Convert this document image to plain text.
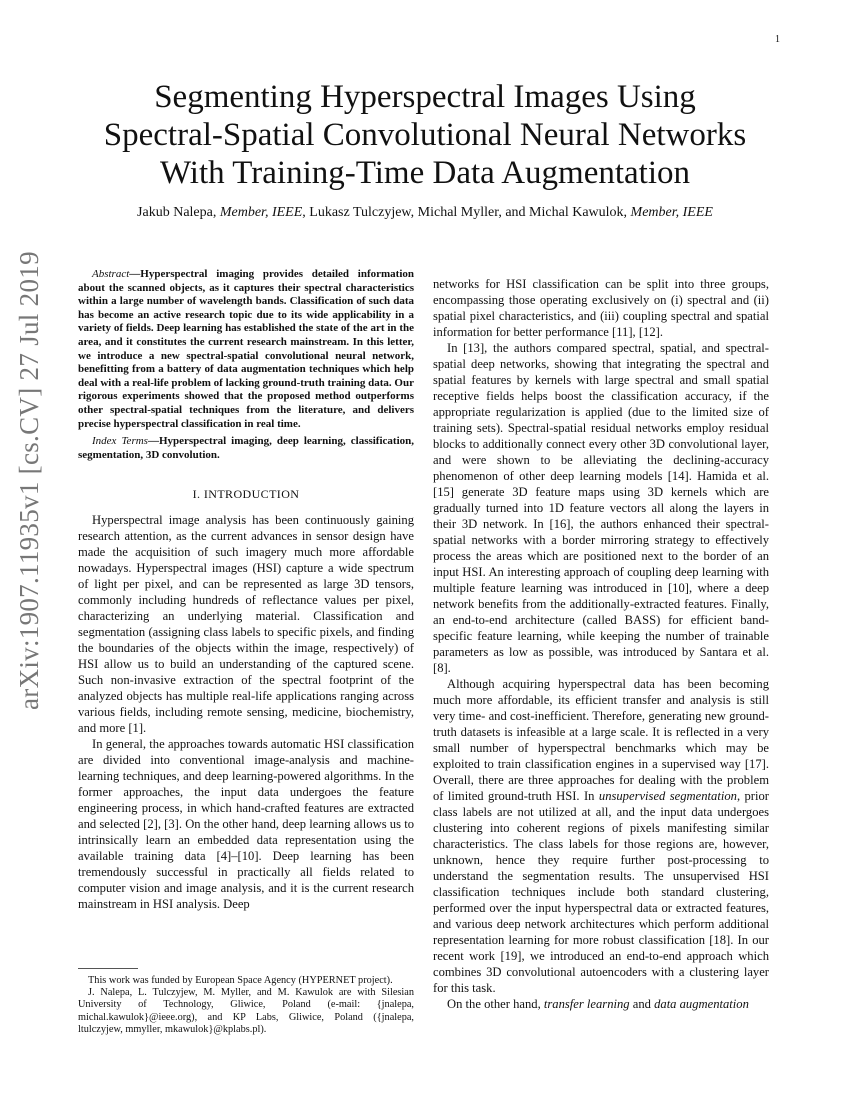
1
arXiv:1907.11935v1 [cs.CV] 27 Jul 2019
Segmenting Hyperspectral Images Using
Spectral-Spatial Convolutional Neural Networks
With Training-Time Data Augmentation
Jakub Nalepa, Member, IEEE, Lukasz Tulczyjew, Michal Myller, and Michal Kawulok, Member, IEEE

Abstract—Hyperspectral imaging provides detailed information about the scanned objects, as it captures their spectral characteristics within a large number of wavelength bands. Classification of such data has become an active research topic due to its wide applicability in a variety of fields. Deep learning has established the state of the art in the area, and it constitutes the current research mainstream. In this letter, we introduce a new spectral-spatial convolutional neural network, benefitting from a battery of data augmentation techniques which help deal with a real-life problem of lacking ground-truth training data. Our rigorous experiments showed that the proposed method outperforms other spectral-spatial techniques from the literature, and delivers precise hyperspectral classification in real time.

Index Terms—Hyperspectral imaging, deep learning, classification, segmentation, 3D convolution.

I. INTRODUCTION

Hyperspectral image analysis has been continuously gaining research attention, as the current advances in sensor design have made the acquisition of such imagery much more affordable nowadays. Hyperspectral images (HSI) capture a wide spectrum of light per pixel, and can be represented as large 3D tensors, commonly including hundreds of reflectance values per pixel, characterizing an underlying material. Classification and segmentation (assigning class labels to specific pixels, and finding the boundaries of the objects within the image, respectively) of HSI allow us to build an understanding of the captured scene. Such non-invasive extraction of the spectral footprint of the analyzed objects has multiple real-life applications ranging across various fields, including remote sensing, medicine, biochemistry, and more [1].

In general, the approaches towards automatic HSI classification are divided into conventional image-analysis and machine-learning techniques, and deep learning-powered algorithms. In the former approaches, the input data undergoes the feature engineering process, in which hand-crafted features are extracted and selected [2], [3]. On the other hand, deep learning allows us to intrinsically learn an embedded data representation using the available training data [4]–[10]. Deep learning has been tremendously successful in practically all fields related to computer vision and image analysis, and it is the current research mainstream in HSI analysis. Deep

This work was funded by European Space Agency (HYPERNET project).

J. Nalepa, L. Tulczyjew, M. Myller, and M. Kawulok are with Silesian University of Technology, Gliwice, Poland (e-mail: {jnalepa, michal.kawulok}@ieee.org), and KP Labs, Gliwice, Poland ({jnalepa, ltulczyjew, mmyller, mkawulok}@kplabs.pl).

networks for HSI classification can be split into three groups, encompassing those operating exclusively on (i) spectral and (ii) spatial pixel characteristics, and (iii) coupling spectral and spatial information for better performance [11], [12].

In [13], the authors compared spectral, spatial, and spectral-spatial deep networks, showing that integrating the spectral and spatial features by kernels with large spectral and small spatial receptive fields helps boost the classification accuracy, if the appropriate regularization is applied (due to the limited size of training sets). Spectral-spatial residual networks employ residual blocks to additionally connect every other 3D convolutional layer, and were shown to be alleviating the declining-accuracy phenomenon of other deep learning models [14]. Hamida et al. [15] generate 3D feature maps using 3D kernels which are gradually turned into 1D feature vectors all along the layers in their 3D network. In [16], the authors enhanced their spectral-spatial networks with a border mirroring strategy to effectively process the areas which are positioned next to the border of an input HSI. An interesting approach of coupling deep learning with multiple feature learning was introduced in [10], where a deep network benefits from the additionally-extracted features. Finally, an end-to-end architecture (called BASS) for efficient band-specific feature learning, while keeping the number of trainable parameters as low as possible, was introduced by Santara et al. [8].

Although acquiring hyperspectral data has been becoming much more affordable, its efficient transfer and analysis is still very time- and cost-inefficient. Therefore, generating new ground-truth datasets is infeasible at a large scale. It is reflected in a very small number of hyperspectral benchmarks which may be exploited to train classification engines in a supervised way [17]. Overall, there are three approaches for dealing with the problem of limited ground-truth HSI. In unsupervised segmentation, prior class labels are not utilized at all, and the input data undergoes clustering into coherent regions of pixels manifesting similar characteristics. The class labels for those regions are, however, unknown, hence they require further post-processing to understand the segmentation results. The unsupervised HSI classification techniques include both standard clustering, performed over the input hyperspectral data or extracted features, and various deep network architectures which perform additional representation learning for more robust classification [18]. In our recent work [19], we introduced an end-to-end approach which combines 3D convolutional autoencoders with a clustering layer for this task.

On the other hand, transfer learning and data augmentation
